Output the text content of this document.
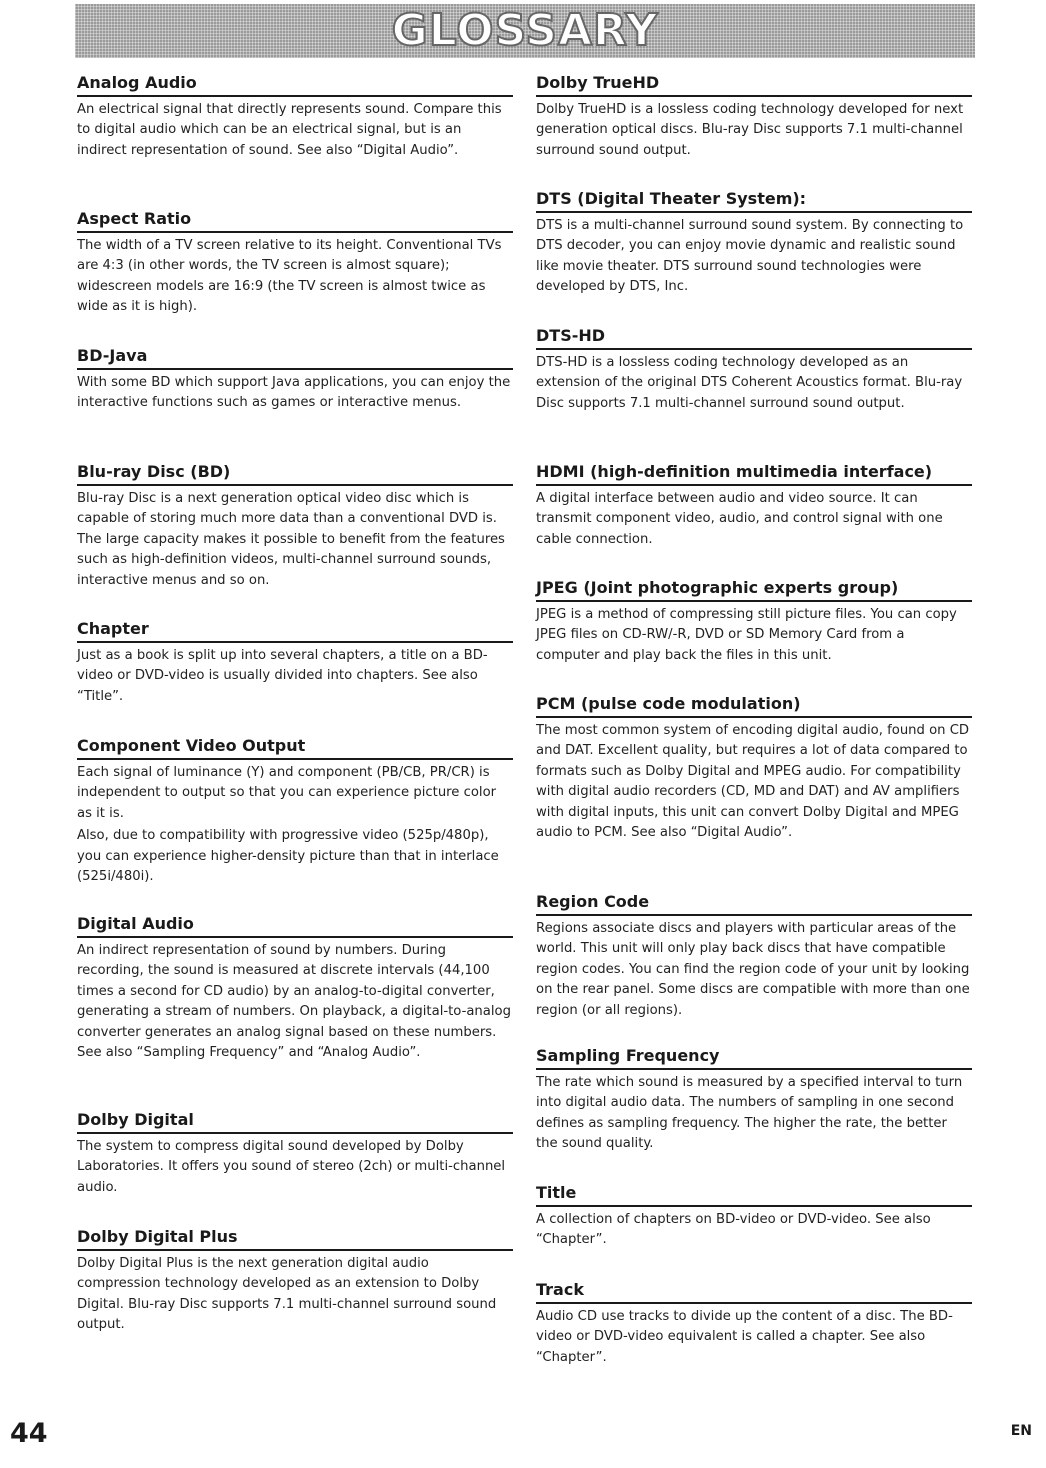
GLOSSARY
Analog Audio

An electrical signal that directly represents sound. Compare this to digital audio which can be an electrical signal, but is an indirect representation of sound. See also “Digital Audio”.

Aspect Ratio

The width of a TV screen relative to its height. Conventional TVs are 4:3 (in other words, the TV screen is almost square); widescreen models are 16:9 (the TV screen is almost twice as wide as it is high).

BD-Java

With some BD which support Java applications, you can enjoy the interactive functions such as games or interactive menus.

Blu-ray Disc (BD)

Blu-ray Disc is a next generation optical video disc which is capable of storing much more data than a conventional DVD is. The large capacity makes it possible to benefit from the features such as high-definition videos, multi-channel surround sounds, interactive menus and so on.

Chapter

Just as a book is split up into several chapters, a title on a BD-video or DVD-video is usually divided into chapters. See also “Title”.

Component Video Output

Each signal of luminance (Y) and component (PB/CB, PR/CR) is independent to output so that you can experience picture color as it is.

Also, due to compatibility with progressive video (525p/480p), you can experience higher-density picture than that in interlace (525i/480i).

Digital Audio

An indirect representation of sound by numbers. During recording, the sound is measured at discrete intervals (44,100 times a second for CD audio) by an analog-to-digital converter, generating a stream of numbers. On playback, a digital-to-analog converter generates an analog signal based on these numbers. See also “Sampling Frequency” and “Analog Audio”.

Dolby Digital

The system to compress digital sound developed by Dolby Laboratories. It offers you sound of stereo (2ch) or multi-channel audio.

Dolby Digital Plus

Dolby Digital Plus is the next generation digital audio compression technology developed as an extension to Dolby Digital. Blu-ray Disc supports 7.1 multi-channel surround sound output.

Dolby TrueHD

Dolby TrueHD is a lossless coding technology developed for next generation optical discs. Blu-ray Disc supports 7.1 multi-channel surround sound output.

DTS (Digital Theater System):

DTS is a multi-channel surround sound system. By connecting to DTS decoder, you can enjoy movie dynamic and realistic sound like movie theater. DTS surround sound technologies were developed by DTS, Inc.

DTS-HD

DTS-HD is a lossless coding technology developed as an extension of the original DTS Coherent Acoustics format. Blu-ray Disc supports 7.1 multi-channel surround sound output.

HDMI (high-definition multimedia interface)

A digital interface between audio and video source. It can transmit component video, audio, and control signal with one cable connection.

JPEG (Joint photographic experts group)

JPEG is a method of compressing still picture files. You can copy JPEG files on CD-RW/-R, DVD or SD Memory Card from a computer and play back the files in this unit.

PCM (pulse code modulation)

The most common system of encoding digital audio, found on CD and DAT. Excellent quality, but requires a lot of data compared to formats such as Dolby Digital and MPEG audio. For compatibility with digital audio recorders (CD, MD and DAT) and AV amplifiers with digital inputs, this unit can convert Dolby Digital and MPEG audio to PCM. See also “Digital Audio”.

Region Code

Regions associate discs and players with particular areas of the world. This unit will only play back discs that have compatible region codes. You can find the region code of your unit by looking on the rear panel. Some discs are compatible with more than one region (or all regions).

Sampling Frequency

The rate which sound is measured by a specified interval to turn into digital audio data. The numbers of sampling in one second defines as sampling frequency. The higher the rate, the better the sound quality.

Title

A collection of chapters on BD-video or DVD-video. See also “Chapter”.

Track

Audio CD use tracks to divide up the content of a disc. The BD-video or DVD-video equivalent is called a chapter. See also “Chapter”.

44	EN
